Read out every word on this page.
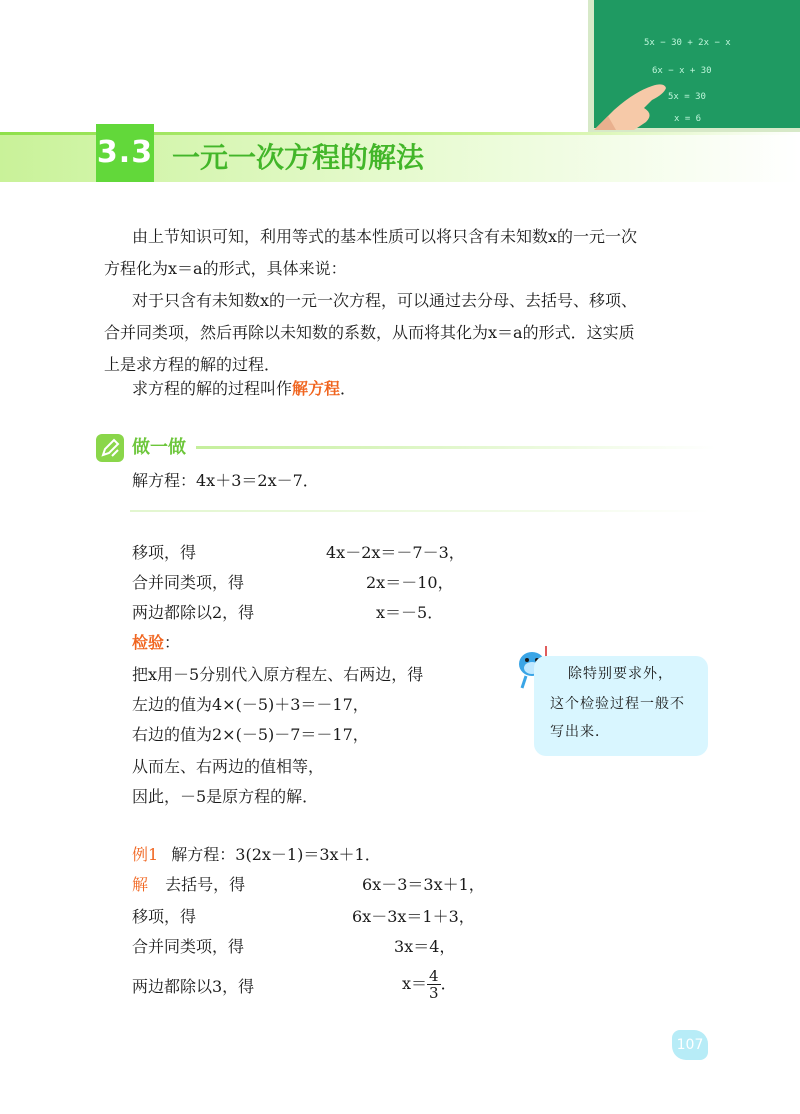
5x − 30 + 2x − x
6x − x + 30
5x = 30
x = 6
3.3 一元一次方程的解法
由上节知识可知，利用等式的基本性质可以将只含有未知数x的一元一次
方程化为x＝a的形式，具体来说：
对于只含有未知数x的一元一次方程，可以通过去分母、去括号、移项、
合并同类项，然后再除以未知数的系数，从而将其化为x＝a的形式．这实质
上是求方程的解的过程．
求方程的解的过程叫作解方程．
做一做
解方程：4x＋3＝2x－7．
移项，得	4x－2x＝－7－3，
合并同类项，得	2x＝－10，
两边都除以2，得	x＝－5．
检验：
把x用－5分别代入原方程左、右两边，得
左边的值为4×(－5)＋3＝－17，
右边的值为2×(－5)－7＝－17，
从而左、右两边的值相等，
因此，－5是原方程的解．
除特别要求外，
这个检验过程一般不
写出来．
例1 解方程：3(2x－1)＝3x＋1．
解 去括号，得	6x－3＝3x＋1，
移项，得	6x－3x＝1＋3，
合并同类项，得	3x＝4，
两边都除以3，得	$x= \frac{4}{3}$ ．
107
